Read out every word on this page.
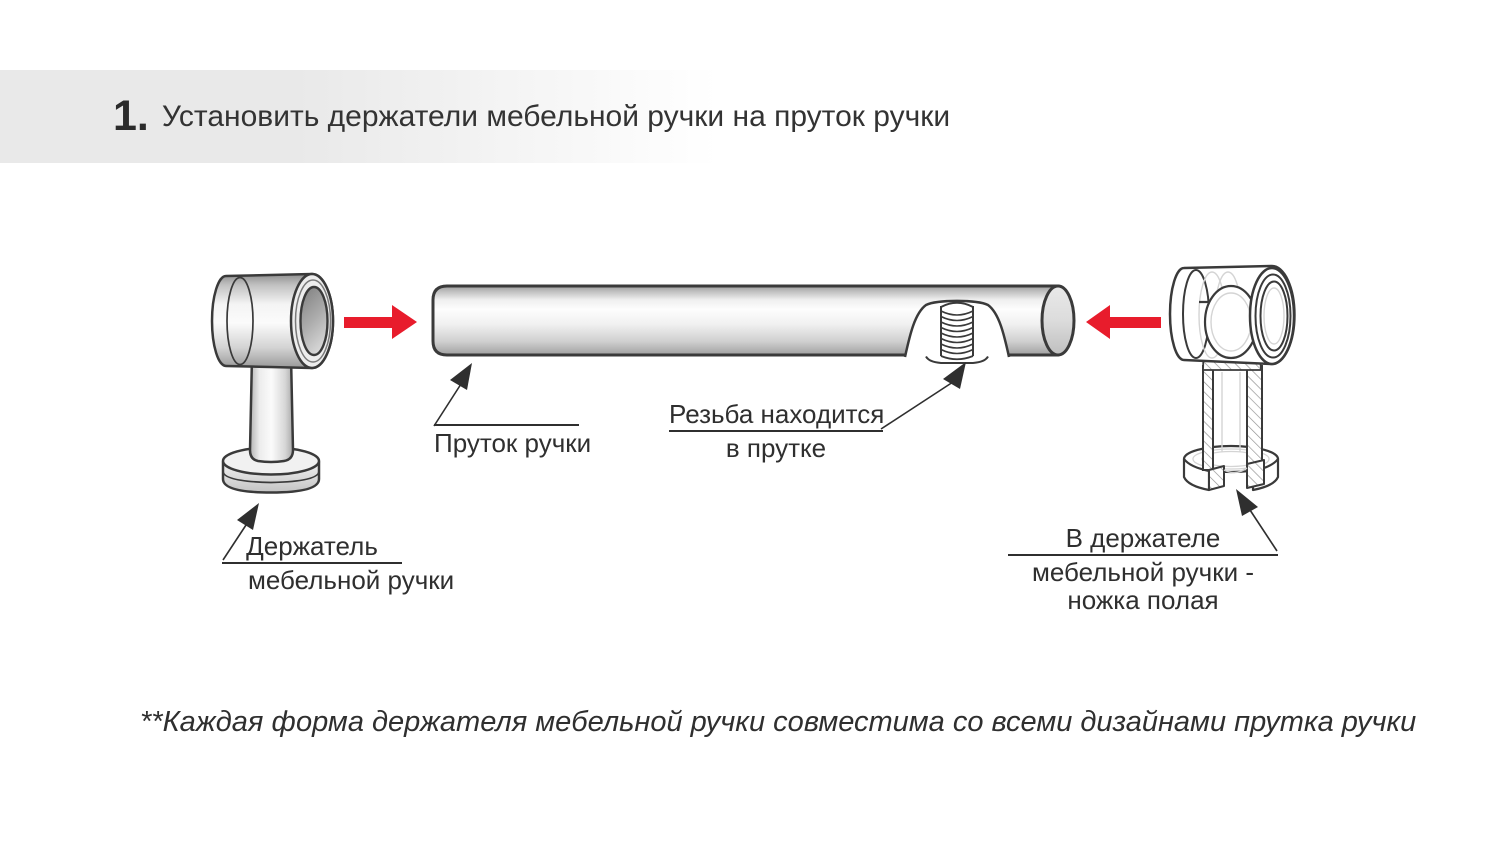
1. Установить держатели мебельной ручки на пруток ручки
Пруток ручки
Резьба находится
в прутке
Держатель
мебельной ручки
В держателе
мебельной ручки -
ножка полая
**Каждая форма держателя мебельной ручки совместима со всеми дизайнами прутка ручки
